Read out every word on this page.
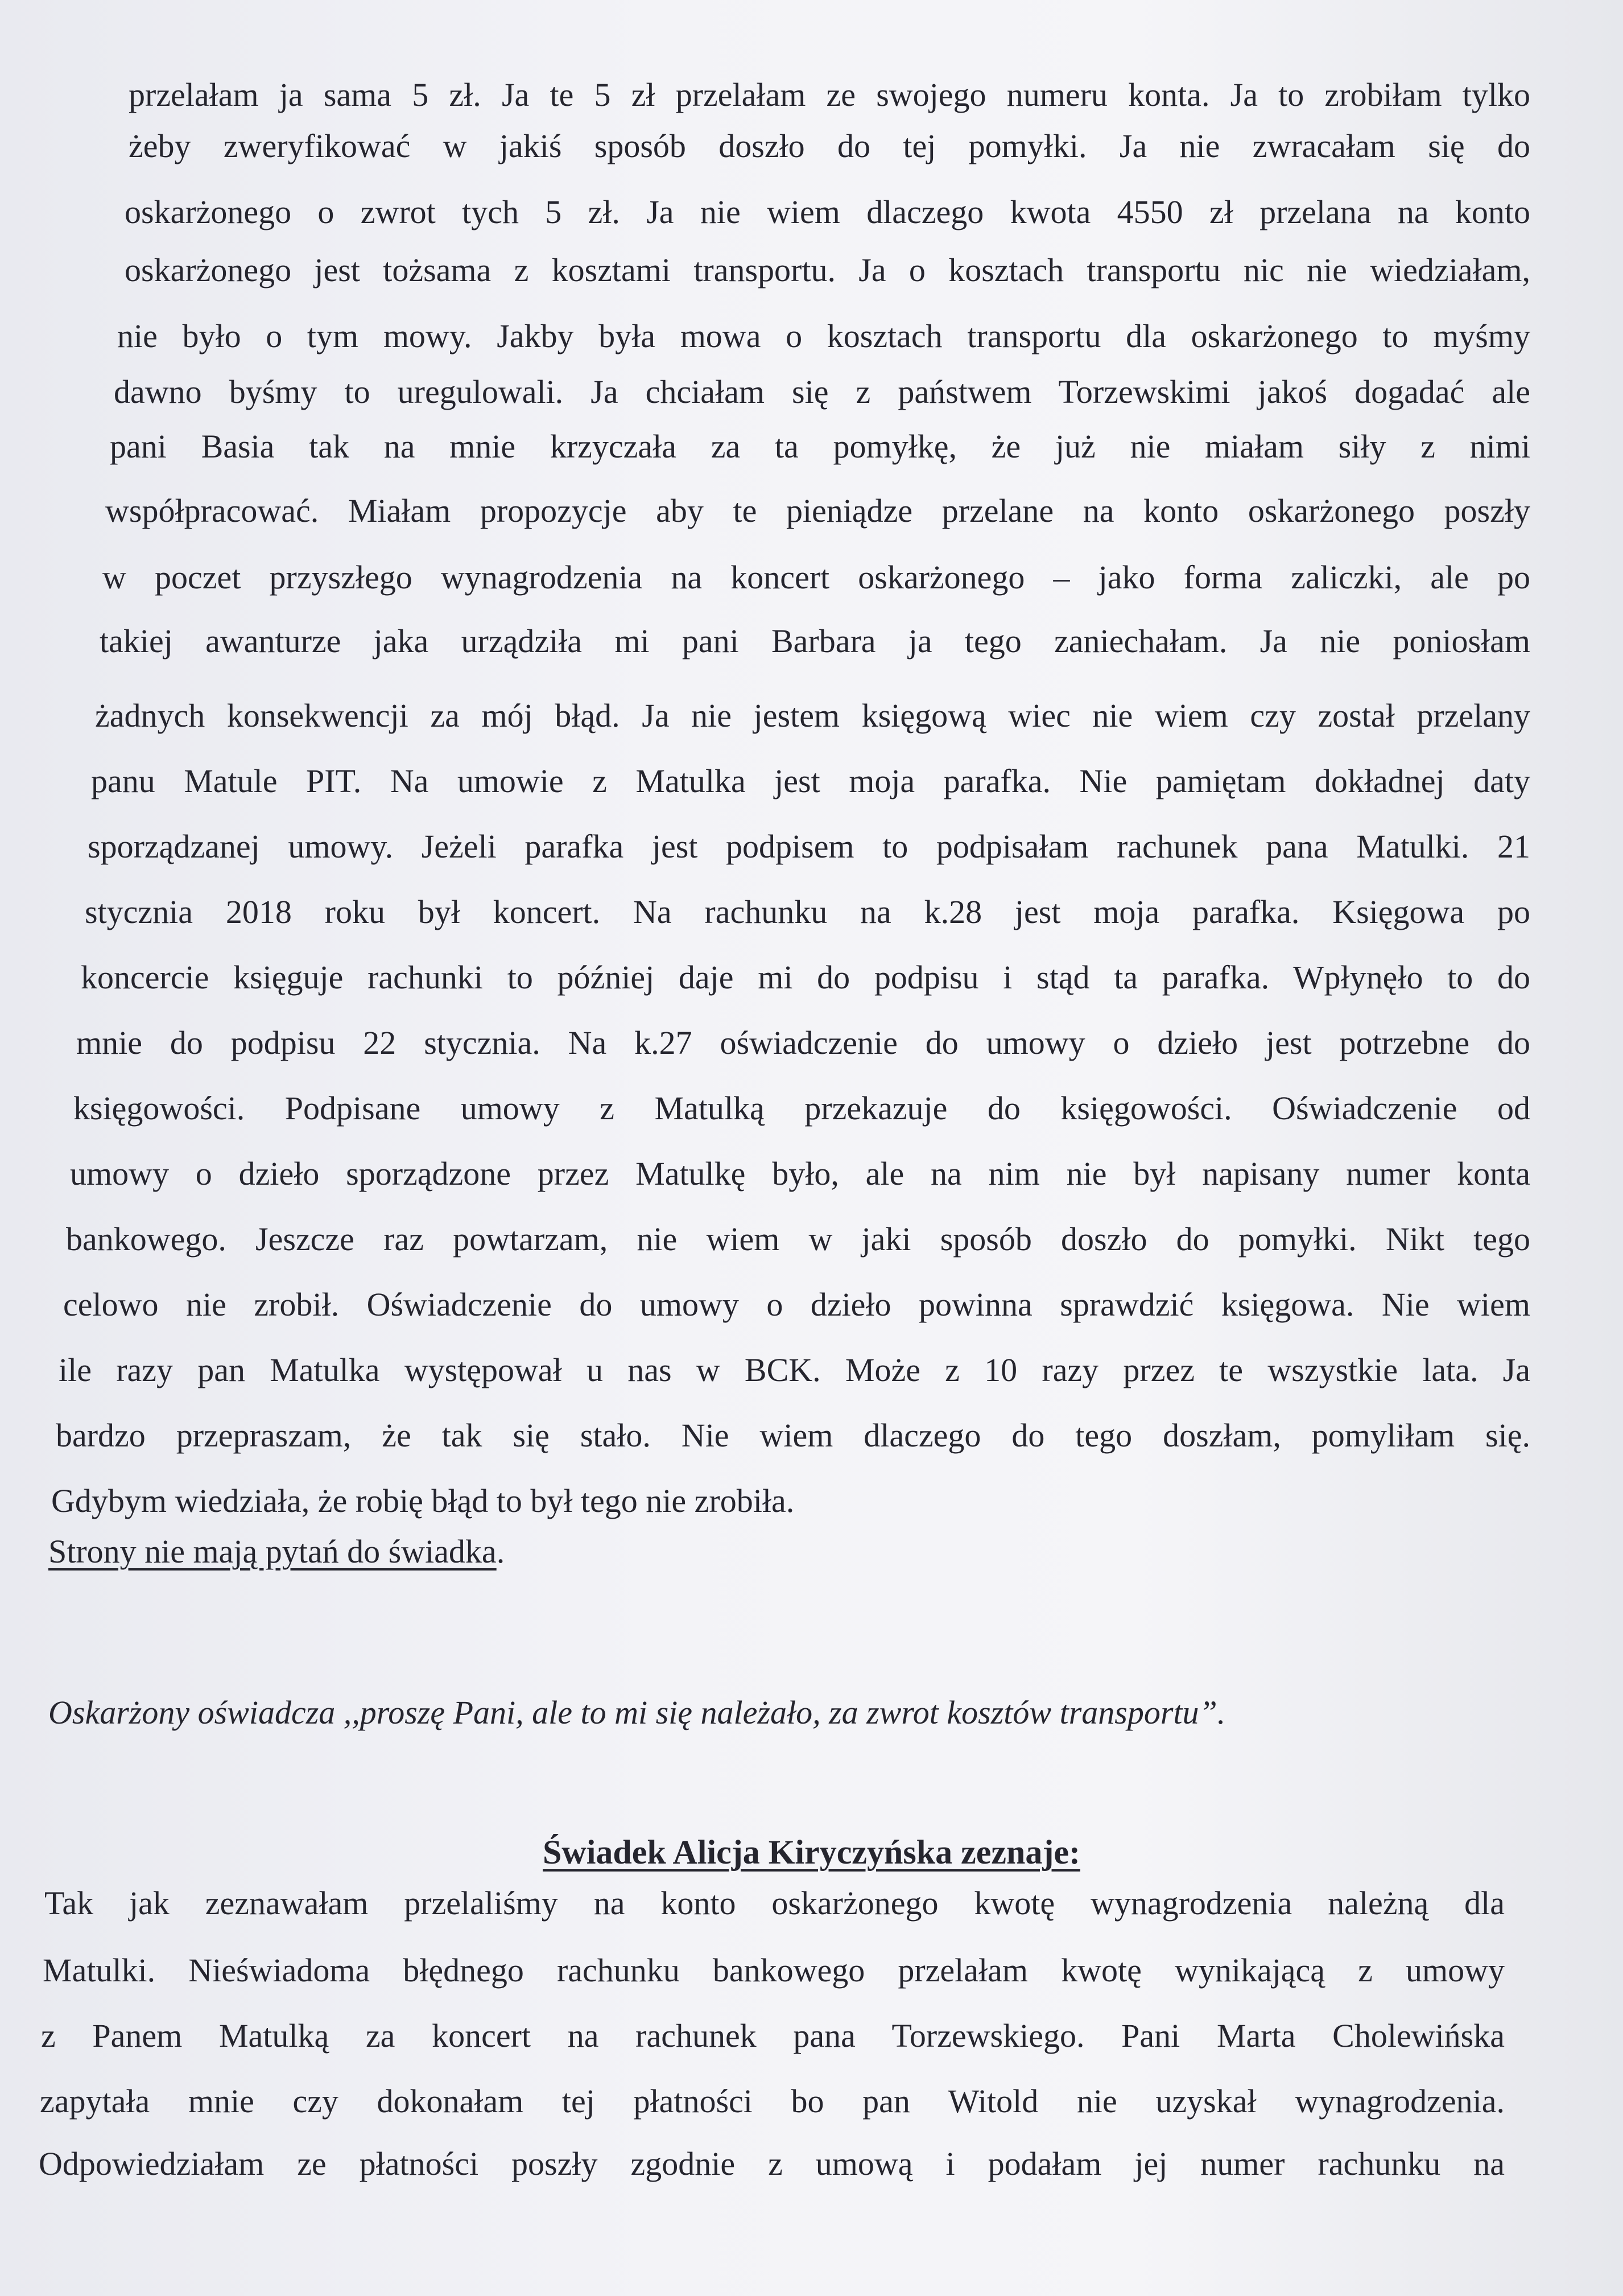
przelałam ja sama 5 zł. Ja te 5 zł przelałam ze swojego numeru konta. Ja to zrobiłam tylko
żeby zweryfikować w jakiś sposób doszło do tej pomyłki. Ja nie zwracałam się do
oskarżonego o zwrot tych 5 zł. Ja nie wiem dlaczego kwota 4550 zł przelana na konto
oskarżonego jest tożsama z kosztami transportu. Ja o kosztach transportu nic nie wiedziałam,
nie było o tym mowy. Jakby była mowa o kosztach transportu dla oskarżonego to myśmy
dawno byśmy to uregulowali. Ja chciałam się z państwem Torzewskimi jakoś dogadać ale
pani Basia tak na mnie krzyczała za ta pomyłkę, że już nie miałam siły z nimi
współpracować. Miałam propozycje aby te pieniądze przelane na konto oskarżonego poszły
w poczet przyszłego wynagrodzenia na koncert oskarżonego – jako forma zaliczki, ale po
takiej awanturze jaka urządziła mi pani Barbara ja tego zaniechałam. Ja nie poniosłam
żadnych konsekwencji za mój błąd. Ja nie jestem księgową wiec nie wiem czy został przelany
panu Matule PIT. Na umowie z Matulka jest moja parafka. Nie pamiętam dokładnej daty
sporządzanej umowy. Jeżeli parafka jest podpisem to podpisałam rachunek pana Matulki. 21
stycznia 2018 roku był koncert. Na rachunku na k.28 jest moja parafka. Księgowa po
koncercie księguje rachunki to później daje mi do podpisu i stąd ta parafka. Wpłynęło to do
mnie do podpisu 22 stycznia. Na k.27 oświadczenie do umowy o dzieło jest potrzebne do
księgowości. Podpisane umowy z Matulką przekazuje do księgowości. Oświadczenie od
umowy o dzieło sporządzone przez Matulkę było, ale na nim nie był napisany numer konta
bankowego. Jeszcze raz powtarzam, nie wiem w jaki sposób doszło do pomyłki. Nikt tego
celowo nie zrobił. Oświadczenie do umowy o dzieło powinna sprawdzić księgowa. Nie wiem
ile razy pan Matulka występował u nas w BCK. Może z 10 razy przez te wszystkie lata. Ja
bardzo przepraszam, że tak się stało. Nie wiem dlaczego do tego doszłam, pomyliłam się.
Gdybym wiedziała, że robię błąd to był tego nie zrobiła.
Strony nie mają pytań do świadka.
Oskarżony oświadcza ,,proszę Pani, ale to mi się należało, za zwrot kosztów transportu”.
Świadek Alicja Kiryczyńska zeznaje:
Tak jak zeznawałam przelaliśmy na konto oskarżonego kwotę wynagrodzenia należną dla
Matulki. Nieświadoma błędnego rachunku bankowego przelałam kwotę wynikającą z umowy
z Panem Matulką za koncert na rachunek pana Torzewskiego. Pani Marta Cholewińska
zapytała mnie czy dokonałam tej płatności bo pan Witold nie uzyskał wynagrodzenia.
Odpowiedziałam ze płatności poszły zgodnie z umową i podałam jej numer rachunku na
